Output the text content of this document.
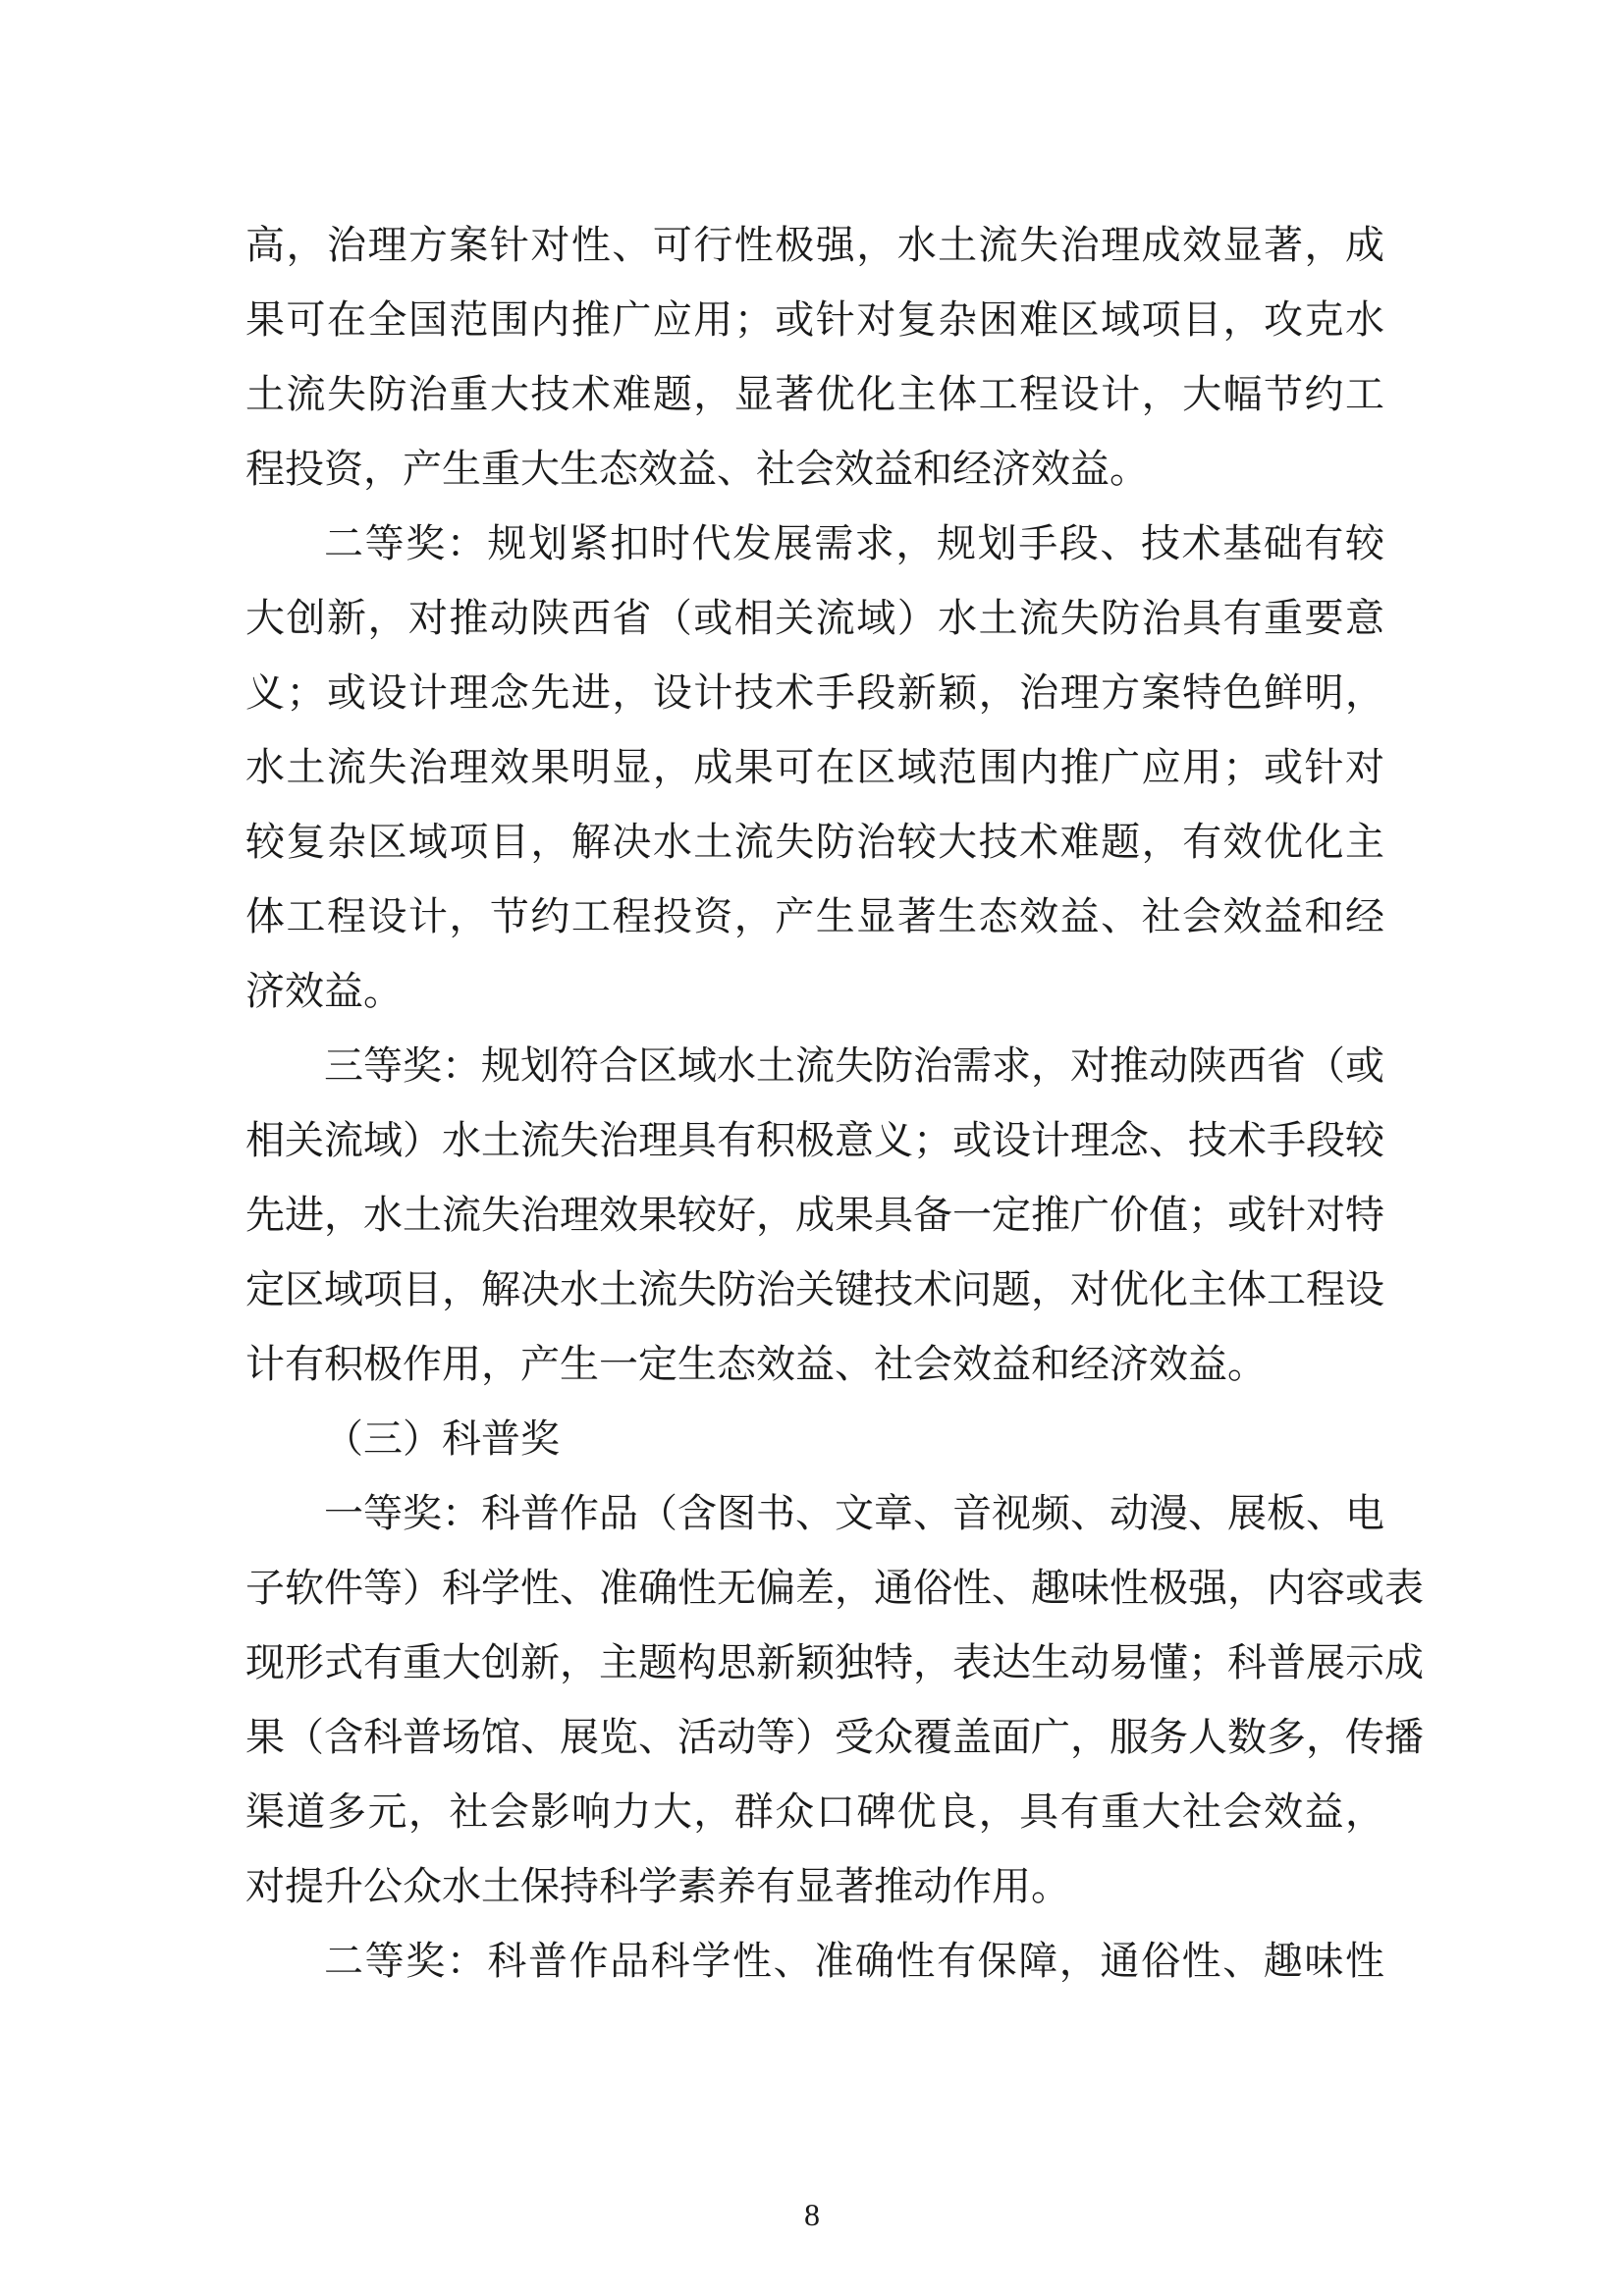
高，治理方案针对性、可行性极强，水土流失治理成效显著，成
果可在全国范围内推广应用；或针对复杂困难区域项目，攻克水
土流失防治重大技术难题，显著优化主体工程设计，大幅节约工
程投资，产生重大生态效益、社会效益和经济效益。
二等奖：规划紧扣时代发展需求，规划手段、技术基础有较
大创新，对推动陕西省（或相关流域）水土流失防治具有重要意
义；或设计理念先进，设计技术手段新颖，治理方案特色鲜明，
水土流失治理效果明显，成果可在区域范围内推广应用；或针对
较复杂区域项目，解决水土流失防治较大技术难题，有效优化主
体工程设计，节约工程投资，产生显著生态效益、社会效益和经
济效益。
三等奖：规划符合区域水土流失防治需求，对推动陕西省（或
相关流域）水土流失治理具有积极意义；或设计理念、技术手段较
先进，水土流失治理效果较好，成果具备一定推广价值；或针对特
定区域项目，解决水土流失防治关键技术问题，对优化主体工程设
计有积极作用，产生一定生态效益、社会效益和经济效益。
（三）科普奖
一等奖：科普作品（含图书、文章、音视频、动漫、展板、电
子软件等）科学性、准确性无偏差，通俗性、趣味性极强，内容或表
现形式有重大创新，主题构思新颖独特，表达生动易懂；科普展示成
果（含科普场馆、展览、活动等）受众覆盖面广，服务人数多，传播
渠道多元，社会影响力大，群众口碑优良，具有重大社会效益，
对提升公众水土保持科学素养有显著推动作用。
二等奖：科普作品科学性、准确性有保障，通俗性、趣味性
8
